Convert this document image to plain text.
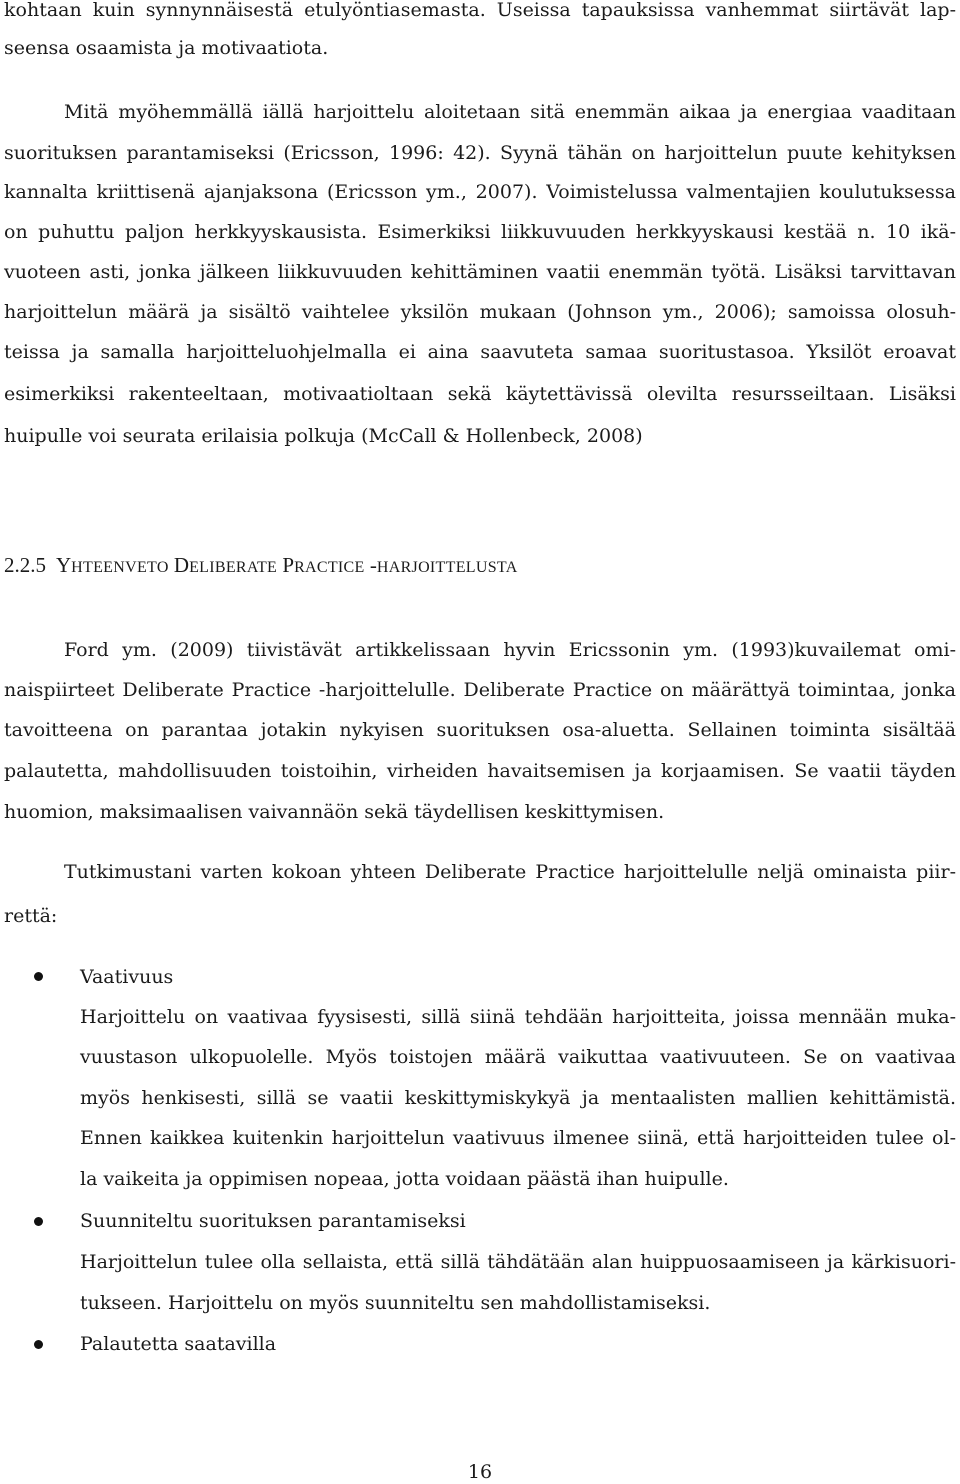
kohtaan kuin synnynnäisestä etulyöntiasemasta. Useissa tapauksissa vanhemmat siirtävät lap-
seensa osaamista ja motivaatiota.
Mitä myöhemmällä iällä harjoittelu aloitetaan sitä enemmän aikaa ja energiaa vaaditaan
suorituksen parantamiseksi (Ericsson, 1996: 42). Syynä tähän on harjoittelun puute kehityksen
kannalta kriittisenä ajanjaksona (Ericsson ym., 2007). Voimistelussa valmentajien koulutuksessa
on puhuttu paljon herkkyyskausista. Esimerkiksi liikkuvuuden herkkyyskausi kestää n. 10 ikä-
vuoteen asti, jonka jälkeen liikkuvuuden kehittäminen vaatii enemmän työtä. Lisäksi tarvittavan
harjoittelun määrä ja sisältö vaihtelee yksilön mukaan (Johnson ym., 2006); samoissa olosuh-
teissa ja samalla harjoitteluohjelmalla ei aina saavuteta samaa suoritustasoa. Yksilöt eroavat
esimerkiksi rakenteeltaan, motivaatioltaan sekä käytettävissä olevilta resursseiltaan. Lisäksi
huipulle voi seurata erilaisia polkuja (McCall & Hollenbeck, 2008)
2.2.5 YHTEENVETO DELIBERATE PRACTICE -HARJOITTELUSTA
Ford ym. (2009) tiivistävät artikkelissaan hyvin Ericssonin ym. (1993)kuvailemat omi-
naispiirteet Deliberate Practice -harjoittelulle. Deliberate Practice on määrättyä toimintaa, jonka
tavoitteena on parantaa jotakin nykyisen suorituksen osa-aluetta. Sellainen toiminta sisältää
palautetta, mahdollisuuden toistoihin, virheiden havaitsemisen ja korjaamisen. Se vaatii täyden
huomion, maksimaalisen vaivannäön sekä täydellisen keskittymisen.
Tutkimustani varten kokoan yhteen Deliberate Practice harjoittelulle neljä ominaista piir-
rettä:
Vaativuus
Harjoittelu on vaativaa fyysisesti, sillä siinä tehdään harjoitteita, joissa mennään muka-
vuustason ulkopuolelle. Myös toistojen määrä vaikuttaa vaativuuteen. Se on vaativaa
myös henkisesti, sillä se vaatii keskittymiskykyä ja mentaalisten mallien kehittämistä.
Ennen kaikkea kuitenkin harjoittelun vaativuus ilmenee siinä, että harjoitteiden tulee ol-
la vaikeita ja oppimisen nopeaa, jotta voidaan päästä ihan huipulle.
Suunniteltu suorituksen parantamiseksi
Harjoittelun tulee olla sellaista, että sillä tähdätään alan huippuosaamiseen ja kärkisuori-
tukseen. Harjoittelu on myös suunniteltu sen mahdollistamiseksi.
Palautetta saatavilla
16
